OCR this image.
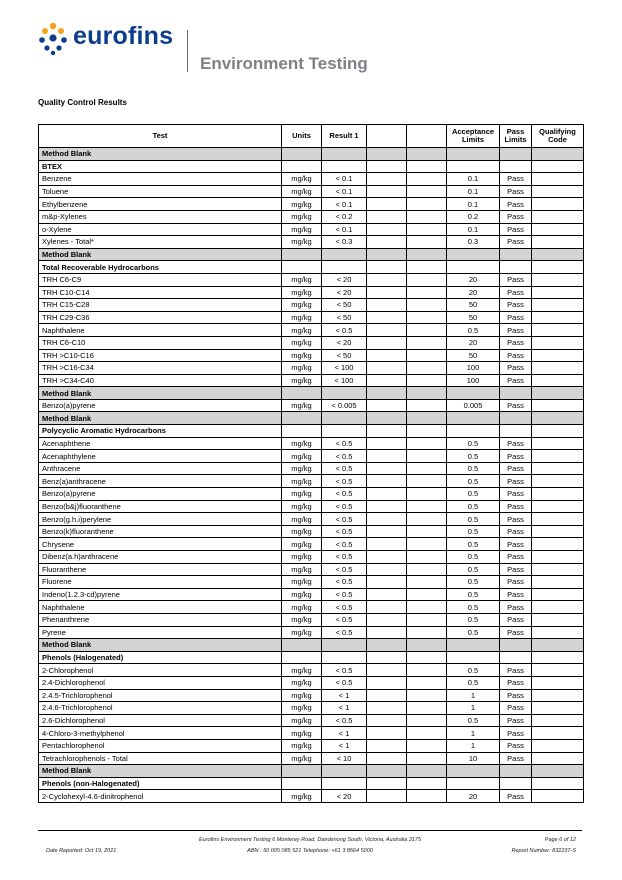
eurofins
Environment Testing
Quality Control Results
Test	Units	Result 1			Acceptance Limits	Pass Limits	Qualifying Code
Method Blank							
BTEX							
Benzene	mg/kg	< 0.1			0.1	Pass	
Toluene	mg/kg	< 0.1			0.1	Pass	
Ethylbenzene	mg/kg	< 0.1			0.1	Pass	
m&p-Xylenes	mg/kg	< 0.2			0.2	Pass	
o-Xylene	mg/kg	< 0.1			0.1	Pass	
Xylenes - Total*	mg/kg	< 0.3			0.3	Pass	
Method Blank							
Total Recoverable Hydrocarbons							
TRH C6-C9	mg/kg	< 20			20	Pass	
TRH C10-C14	mg/kg	< 20			20	Pass	
TRH C15-C28	mg/kg	< 50			50	Pass	
TRH C29-C36	mg/kg	< 50			50	Pass	
Naphthalene	mg/kg	< 0.5			0.5	Pass	
TRH C6-C10	mg/kg	< 20			20	Pass	
TRH >C10-C16	mg/kg	< 50			50	Pass	
TRH >C16-C34	mg/kg	< 100			100	Pass	
TRH >C34-C40	mg/kg	< 100			100	Pass	
Method Blank							
Benzo(a)pyrene	mg/kg	< 0.005			0.005	Pass	
Method Blank							
Polycyclic Aromatic Hydrocarbons							
Acenaphthene	mg/kg	< 0.5			0.5	Pass	
Acenaphthylene	mg/kg	< 0.5			0.5	Pass	
Anthracene	mg/kg	< 0.5			0.5	Pass	
Benz(a)anthracene	mg/kg	< 0.5			0.5	Pass	
Benzo(a)pyrene	mg/kg	< 0.5			0.5	Pass	
Benzo(b&j)fluoranthene	mg/kg	< 0.5			0.5	Pass	
Benzo(g.h.i)perylene	mg/kg	< 0.5			0.5	Pass	
Benzo(k)fluoranthene	mg/kg	< 0.5			0.5	Pass	
Chrysene	mg/kg	< 0.5			0.5	Pass	
Dibenz(a.h)anthracene	mg/kg	< 0.5			0.5	Pass	
Fluoranthene	mg/kg	< 0.5			0.5	Pass	
Fluorene	mg/kg	< 0.5			0.5	Pass	
Indeno(1.2.3-cd)pyrene	mg/kg	< 0.5			0.5	Pass	
Naphthalene	mg/kg	< 0.5			0.5	Pass	
Phenanthrene	mg/kg	< 0.5			0.5	Pass	
Pyrene	mg/kg	< 0.5			0.5	Pass	
Method Blank							
Phenols (Halogenated)							
2-Chlorophenol	mg/kg	< 0.5			0.5	Pass	
2.4-Dichlorophenol	mg/kg	< 0.5			0.5	Pass	
2.4.5-Trichlorophenol	mg/kg	< 1			1	Pass	
2.4.6-Trichlorophenol	mg/kg	< 1			1	Pass	
2.6-Dichlorophenol	mg/kg	< 0.5			0.5	Pass	
4-Chloro-3-methylphenol	mg/kg	< 1			1	Pass	
Pentachlorophenol	mg/kg	< 1			1	Pass	
Tetrachlorophenols - Total	mg/kg	< 10			10	Pass	
Method Blank							
Phenols (non-Halogenated)							
2-Cyclohexyl-4.6-dinitrophenol	mg/kg	< 20			20	Pass	
Eurofins Environment Testing 6 Monterey Road, Dandenong South, Victoria, Australia 3175	Page 6 of 12
Date Reported: Oct 19, 2021	ABN : 50 005 085 521 Telephone: +61 3 8564 5000	Report Number: 832237-S
